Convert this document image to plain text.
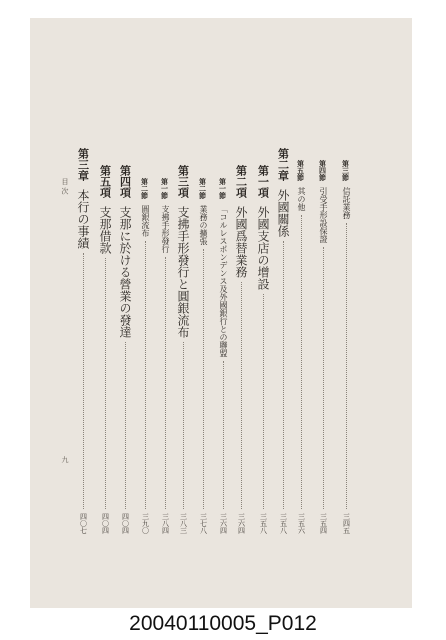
目 次
九
第三節
信託業務
三四五
第四節
引受手形設保證
三五四
第五節
其の他
三五六
第二章
外國關係
三五八
第一項
外國支店の增設
三五八
第二項
外國爲替業務
三六四
第一節
「コルレスポンデンス及外國銀行との聯盟
三六四
第二節
業務の擴張
三七八
第三項
支拂手形發行と圓銀流布
三八三
第一節
支拂手形發行
三八四
第二節
圓銀流布
三九〇
第四項
支那に於ける營業の發達
四〇四
第五項
支那借款
四〇四
第三章
本行の事績
四〇七
20040110005_P012
